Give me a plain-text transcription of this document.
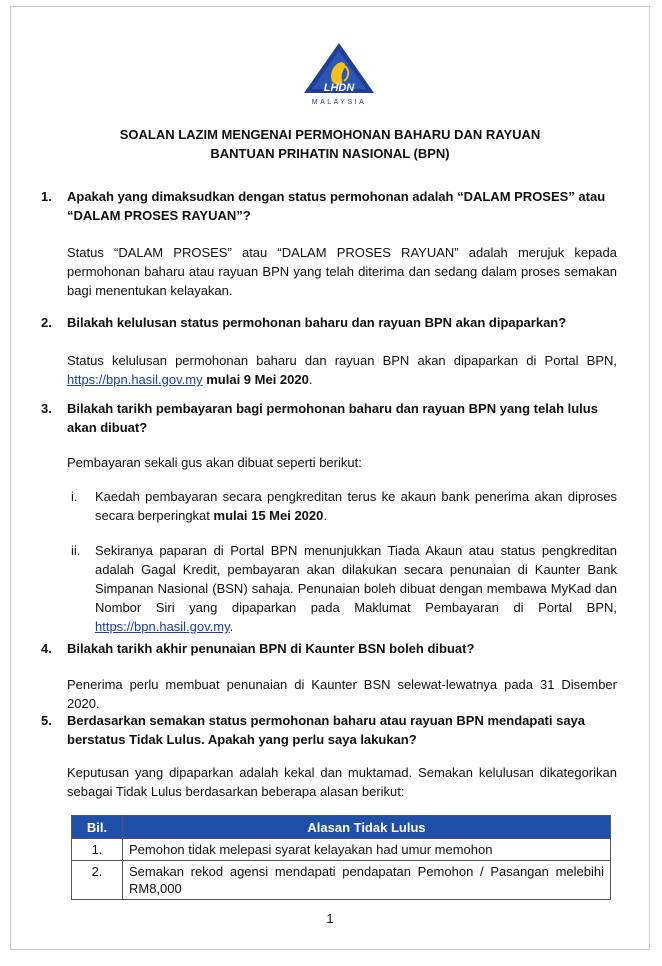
LHDN
MALAYSIA
SOALAN LAZIM MENGENAI PERMOHONAN BAHARU DAN RAYUAN
BANTUAN PRIHATIN NASIONAL (BPN)
1. Apakah yang dimaksudkan dengan status permohonan adalah “DALAM PROSES” atau
“DALAM PROSES RAYUAN”?
Status “DALAM PROSES” atau “DALAM PROSES RAYUAN” adalah merujuk kepada permohonan baharu atau rayuan BPN yang telah diterima dan sedang dalam proses semakan bagi menentukan kelayakan.
2. Bilakah kelulusan status permohonan baharu dan rayuan BPN akan dipaparkan?
Status kelulusan permohonan baharu dan rayuan BPN akan dipaparkan di Portal BPN, https://bpn.hasil.gov.my mulai 9 Mei 2020.
3. Bilakah tarikh pembayaran bagi permohonan baharu dan rayuan BPN yang telah lulus akan dibuat?
Pembayaran sekali gus akan dibuat seperti berikut:
i. Kaedah pembayaran secara pengkreditan terus ke akaun bank penerima akan diproses secara berperingkat mulai 15 Mei 2020.
ii. Sekiranya paparan di Portal BPN menunjukkan Tiada Akaun atau status pengkreditan adalah Gagal Kredit, pembayaran akan dilakukan secara penunaian di Kaunter Bank Simpanan Nasional (BSN) sahaja. Penunaian boleh dibuat dengan membawa MyKad dan Nombor Siri yang dipaparkan pada Maklumat Pembayaran di Portal BPN, https://bpn.hasil.gov.my.
4. Bilakah tarikh akhir penunaian BPN di Kaunter BSN boleh dibuat?
Penerima perlu membuat penunaian di Kaunter BSN selewat-lewatnya pada 31 Disember 2020.
5. Berdasarkan semakan status permohonan baharu atau rayuan BPN mendapati saya berstatus Tidak Lulus. Apakah yang perlu saya lakukan?
Keputusan yang dipaparkan adalah kekal dan muktamad. Semakan kelulusan dikategorikan sebagai Tidak Lulus berdasarkan beberapa alasan berikut:
Bil.	Alasan Tidak Lulus
1.	Pemohon tidak melepasi syarat kelayakan had umur memohon
2.	Semakan rekod agensi mendapati pendapatan Pemohon / Pasangan melebihi RM8,000
1
